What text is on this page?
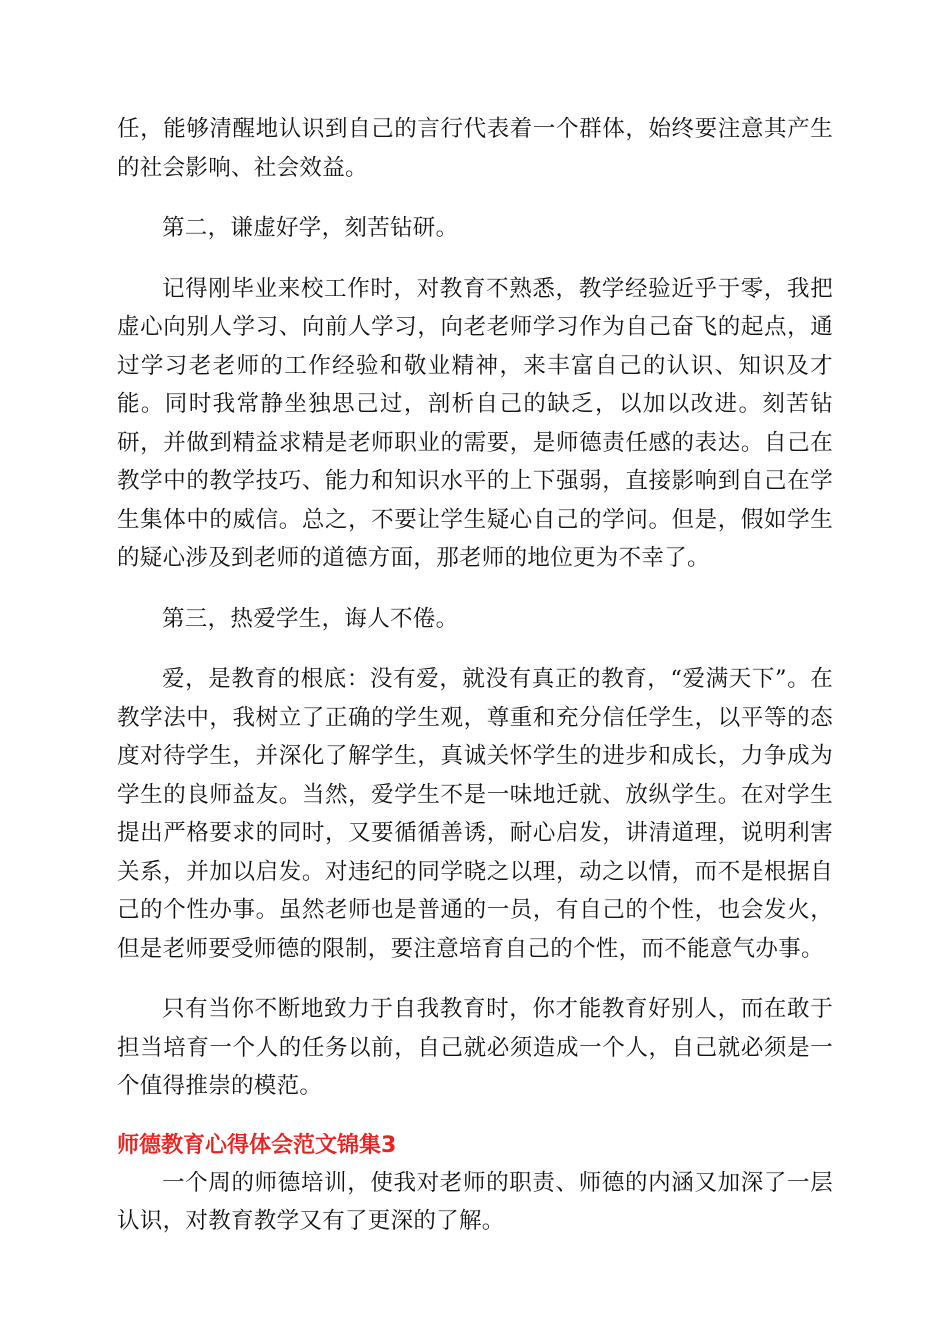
任，能够清醒地认识到自己的言行代表着一个群体，始终要注意其产生的社会影响、社会效益。

第二，谦虚好学，刻苦钻研。

记得刚毕业来校工作时，对教育不熟悉，教学经验近乎于零，我把虚心向别人学习、向前人学习，向老老师学习作为自己奋飞的起点，通过学习老老师的工作经验和敬业精神，来丰富自己的认识、知识及才能。同时我常静坐独思己过，剖析自己的缺乏，以加以改进。刻苦钻研，并做到精益求精是老师职业的需要，是师德责任感的表达。自己在教学中的教学技巧、能力和知识水平的上下强弱，直接影响到自己在学生集体中的威信。总之，不要让学生疑心自己的学问。但是，假如学生的疑心涉及到老师的道德方面，那老师的地位更为不幸了。

第三，热爱学生，诲人不倦。

爱，是教育的根底：没有爱，就没有真正的教育，“爱满天下”。在教学法中，我树立了正确的学生观，尊重和充分信任学生，以平等的态度对待学生，并深化了解学生，真诚关怀学生的进步和成长，力争成为学生的良师益友。当然，爱学生不是一味地迁就、放纵学生。在对学生提出严格要求的同时，又要循循善诱，耐心启发，讲清道理，说明利害关系，并加以启发。对违纪的同学晓之以理，动之以情，而不是根据自己的个性办事。虽然老师也是普通的一员，有自己的个性，也会发火，但是老师要受师德的限制，要注意培育自己的个性，而不能意气办事。

只有当你不断地致力于自我教育时，你才能教育好别人，而在敢于担当培育一个人的任务以前，自己就必须造成一个人，自己就必须是一个值得推崇的模范。

师德教育心得体会范文锦集3

一个周的师德培训，使我对老师的职责、师德的内涵又加深了一层认识，对教育教学又有了更深的了解。
